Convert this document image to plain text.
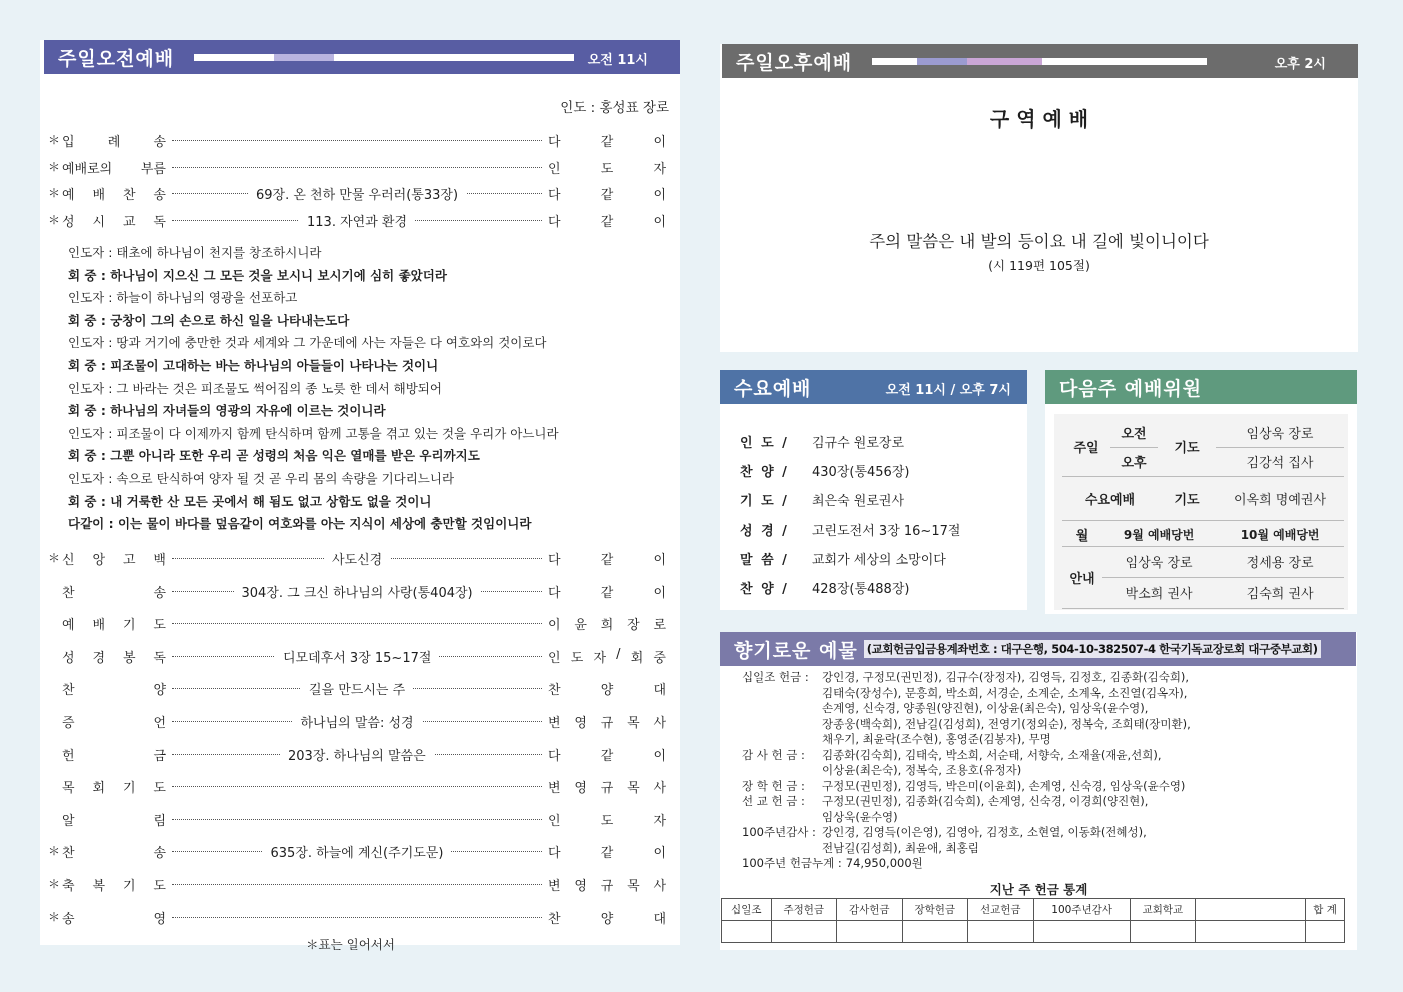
주일오전예배	오전 11시
인도 : 홍성표 장로
＊ 입	례	송	다	같	이
＊ 예배로의 부름	인	도	자
＊ 예 배 찬 송	69장. 온 천하 만물 우러러(통33장)	다	같	이
＊ 성 시 교 독	113. 자연과 환경	다	같	이
인도자 : 태초에 하나님이 천지를 창조하시니라
회 중 : 하나님이 지으신 그 모든 것을 보시니 보시기에 심히 좋았더라
인도자 : 하늘이 하나님의 영광을 선포하고
회 중 : 궁창이 그의 손으로 하신 일을 나타내는도다
인도자 : 땅과 거기에 충만한 것과 세계와 그 가운데에 사는 자들은 다 여호와의 것이로다
회 중 : 피조물이 고대하는 바는 하나님의 아들들이 나타나는 것이니
인도자 : 그 바라는 것은 피조물도 썩어짐의 종 노릇 한 데서 해방되어
회 중 : 하나님의 자녀들의 영광의 자유에 이르는 것이니라
인도자 : 피조물이 다 이제까지 함께 탄식하며 함께 고통을 겪고 있는 것을 우리가 아느니라
회 중 : 그뿐 아니라 또한 우리 곧 성령의 처음 익은 열매를 받은 우리까지도
인도자 : 속으로 탄식하여 양자 될 것 곧 우리 몸의 속량을 기다리느니라
회 중 : 내 거룩한 산 모든 곳에서 해 됨도 없고 상함도 없을 것이니
다같이 : 이는 물이 바다를 덮음같이 여호와를 아는 지식이 세상에 충만할 것임이니라
＊ 신 앙 고 백	사도신경	다	같	이
찬	송	304장. 그 크신 하나님의 사랑(통404장)	다	같	이
예 배 기 도	이 윤 희 장 로
성 경 봉 독	디모데후서 3장 15~17절	인 도 자 / 회 중
찬	양	길을 만드시는 주	찬	양	대
증	언	하나님의 말씀: 성경	변 영 규 목 사
헌	금	203장. 하나님의 말씀은	다	같	이
목 회 기 도	변 영 규 목 사
알	림	인	도	자
＊ 찬	송	635장. 하늘에 계신(주기도문)	다	같	이
＊ 축 복 기 도	변 영 규 목 사
＊ 송	영	찬	양	대
＊표는 일어서서
주일오후예배	오후 2시
구 역 예 배
주의 말씀은 내 발의 등이요 내 길에 빛이니이다
(시 119편 105절)
수요예배	오전 11시 / 오후 7시
인 도 /	김규수 원로장로
찬 양 /	430장(통456장)
기 도 /	최은숙 원로권사
성 경 /	고린도전서 3장 16~17절
말 씀 /	교회가 세상의 소망이다
찬 양 /	428장(통488장)
다음주 예배위원
주일	오전	기도	임상욱 장로
	오후		김강석 집사
수요예배		기도	이옥희 명예권사
월	9월 예배당번	10월 예배당번
안내	임상욱 장로	정세용 장로
	박소희 권사	김숙희 권사
향기로운 예물 (교회헌금입금용계좌번호 : 대구은행, 504-10-382507-4 한국기독교장로회 대구중부교회)
십일조 헌금 :	강인경, 구정모(권민정), 김규수(장정자), 김영득, 김정호, 김종화(김숙희),
김태숙(장성수), 문흥희, 박소희, 서경순, 소계순, 소계옥, 소진열(김옥자),
손계영, 신숙경, 양종원(양진현), 이상윤(최은숙), 임상욱(윤수영),
장종웅(백숙희), 전남길(김성희), 전영기(정외순), 정복숙, 조희태(장미환),
채우기, 최윤락(조수현), 홍영준(김봉자), 무명
감 사 헌 금 :	김종화(김숙희), 김태숙, 박소희, 서순태, 서향숙, 소재율(재윤,선희),
이상윤(최은숙), 정복숙, 조용호(유정자)
장 학 헌 금 :	구정모(권민정), 김영득, 박은미(이윤희), 손계영, 신숙경, 임상욱(윤수영)
선 교 헌 금 :	구정모(권민정), 김종화(김숙희), 손계영, 신숙경, 이경희(양진현),
임상욱(윤수영)
100주년감사 : 강인경, 김영득(이은영), 김영아, 김정호, 소현열, 이동화(전혜성),
전남길(김성희), 최윤애, 최홍림
100주년 헌금누계 : 74,950,000원
지난 주 헌금 통계
십일조	주정헌금	감사헌금	장학헌금	선교헌금	100주년감사	교회학교		합 계
